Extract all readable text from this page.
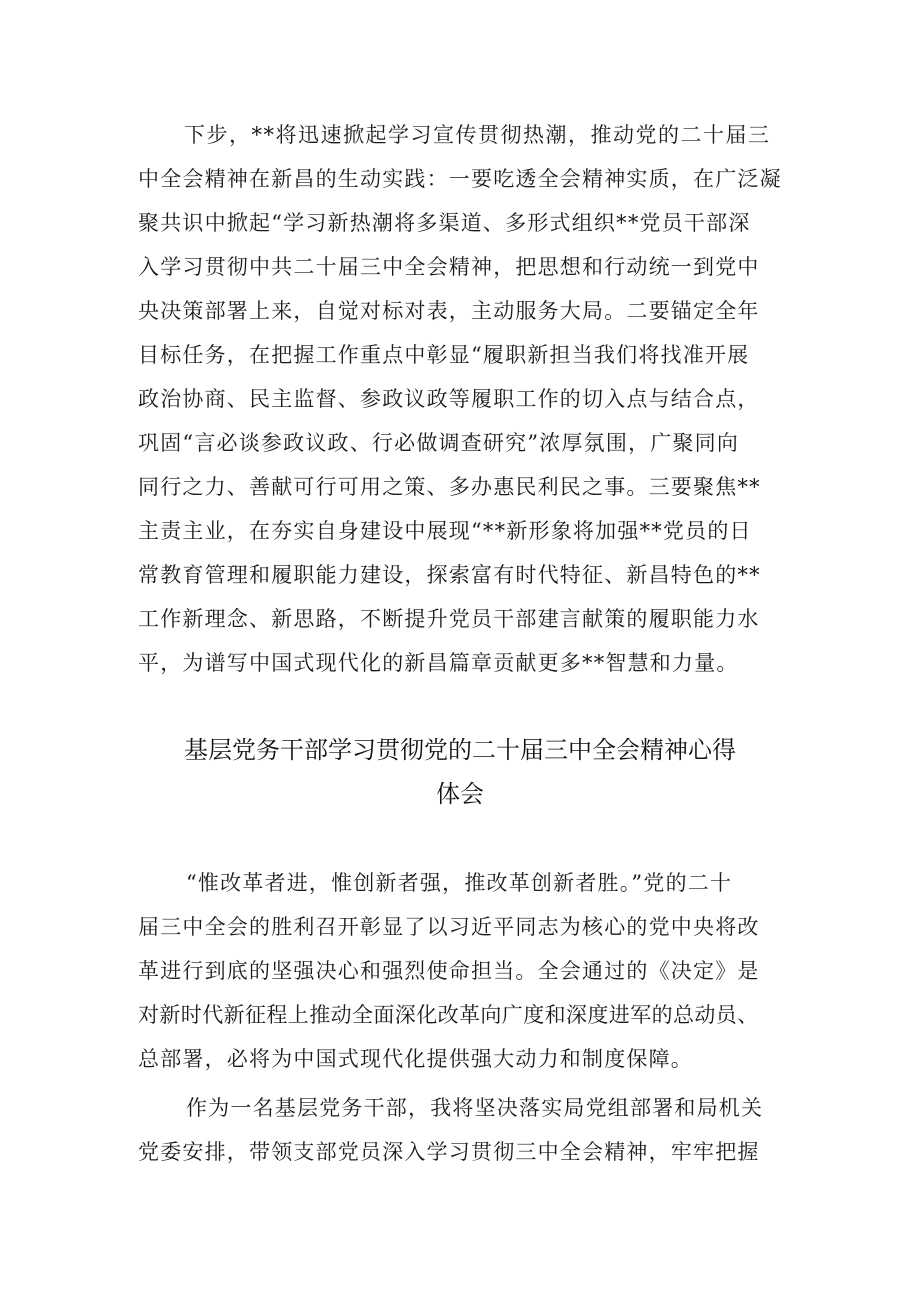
下步，**将迅速掀起学习宣传贯彻热潮，推动党的二十届三
中全会精神在新昌的生动实践：一要吃透全会精神实质，在广泛凝
聚共识中掀起“学习新热潮将多渠道、多形式组织**党员干部深
入学习贯彻中共二十届三中全会精神，把思想和行动统一到党中
央决策部署上来，自觉对标对表，主动服务大局。二要锚定全年
目标任务，在把握工作重点中彰显“履职新担当我们将找准开展
政治协商、民主监督、参政议政等履职工作的切入点与结合点，
巩固“言必谈参政议政、行必做调查研究”浓厚氛围，广聚同向
同行之力、善献可行可用之策、多办惠民利民之事。三要聚焦**
主责主业，在夯实自身建设中展现“**新形象将加强**党员的日
常教育管理和履职能力建设，探索富有时代特征、新昌特色的**
工作新理念、新思路，不断提升党员干部建言献策的履职能力水
平，为谱写中国式现代化的新昌篇章贡献更多**智慧和力量。
基层党务干部学习贯彻党的二十届三中全会精神心得
体会
“惟改革者进，惟创新者强，推改革创新者胜。”党的二十
届三中全会的胜利召开彰显了以习近平同志为核心的党中央将改
革进行到底的坚强决心和强烈使命担当。全会通过的《决定》是
对新时代新征程上推动全面深化改革向广度和深度进军的总动员、
总部署，必将为中国式现代化提供强大动力和制度保障。
作为一名基层党务干部，我将坚决落实局党组部署和局机关
党委安排，带领支部党员深入学习贯彻三中全会精神，牢牢把握
